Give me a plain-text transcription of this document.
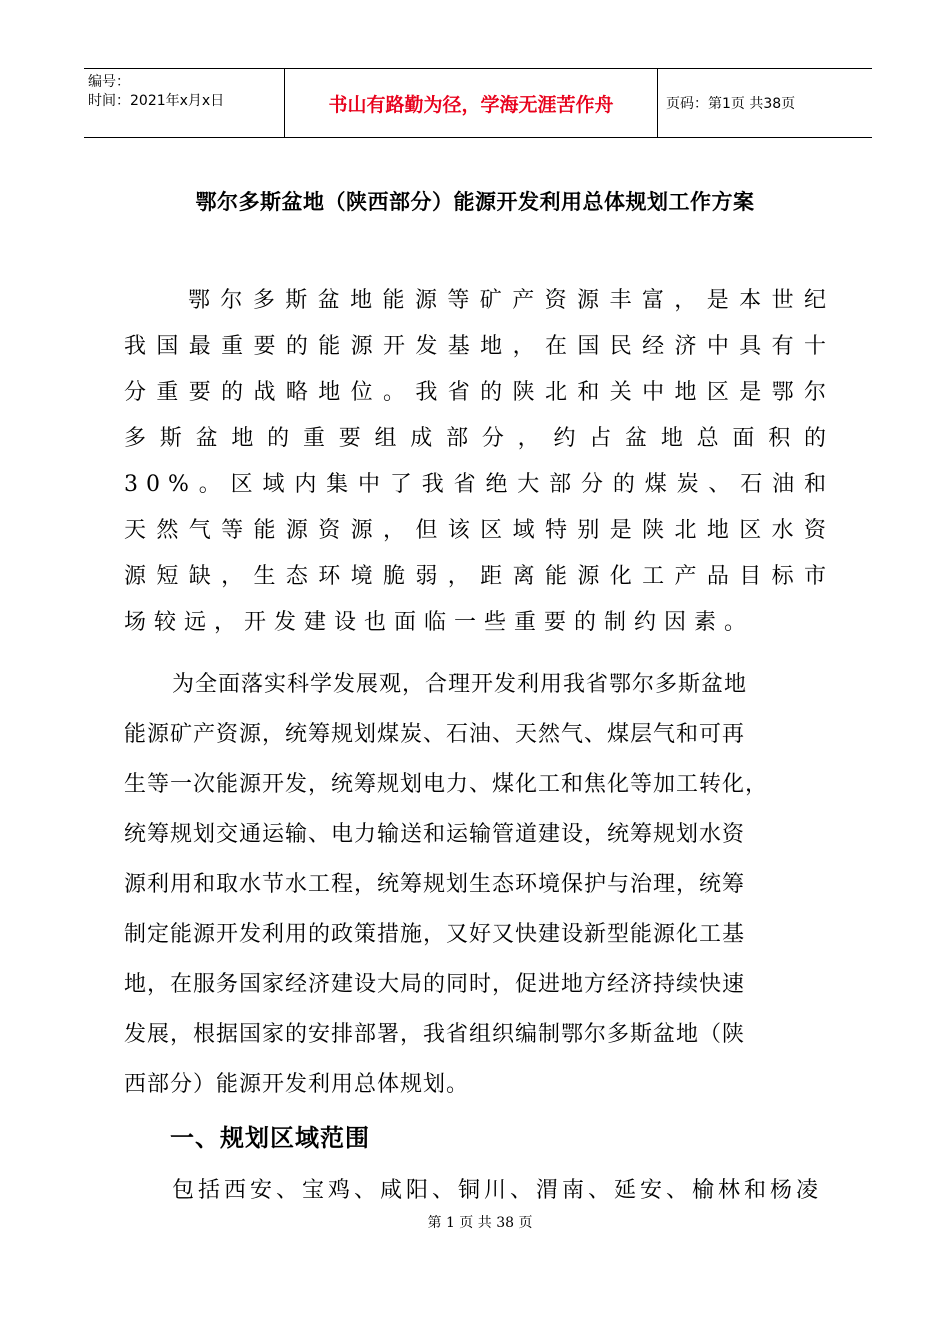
编号：
时间：2021年x月x日	书山有路勤为径，学海无涯苦作舟	页码：第1页 共38页
鄂尔多斯盆地（陕西部分）能源开发利用总体规划工作方案
鄂尔多斯盆地能源等矿产资源丰富，是本世纪
我国最重要的能源开发基地，在国民经济中具有十
分重要的战略地位。我省的陕北和关中地区是鄂尔
多斯盆地的重要组成部分，约占盆地总面积的
30%。区域内集中了我省绝大部分的煤炭、石油和
天然气等能源资源，但该区域特别是陕北地区水资
源短缺，生态环境脆弱，距离能源化工产品目标市
场较远，开发建设也面临一些重要的制约因素。
为全面落实科学发展观，合理开发利用我省鄂尔多斯盆地
能源矿产资源，统筹规划煤炭、石油、天然气、煤层气和可再
生等一次能源开发，统筹规划电力、煤化工和焦化等加工转化，
统筹规划交通运输、电力输送和运输管道建设，统筹规划水资
源利用和取水节水工程，统筹规划生态环境保护与治理，统筹
制定能源开发利用的政策措施，又好又快建设新型能源化工基
地，在服务国家经济建设大局的同时，促进地方经济持续快速
发展，根据国家的安排部署，我省组织编制鄂尔多斯盆地（陕
西部分）能源开发利用总体规划。
一、规划区域范围
包括西安、宝鸡、咸阳、铜川、渭南、延安、榆林和杨凌
第 1 页 共 38 页
